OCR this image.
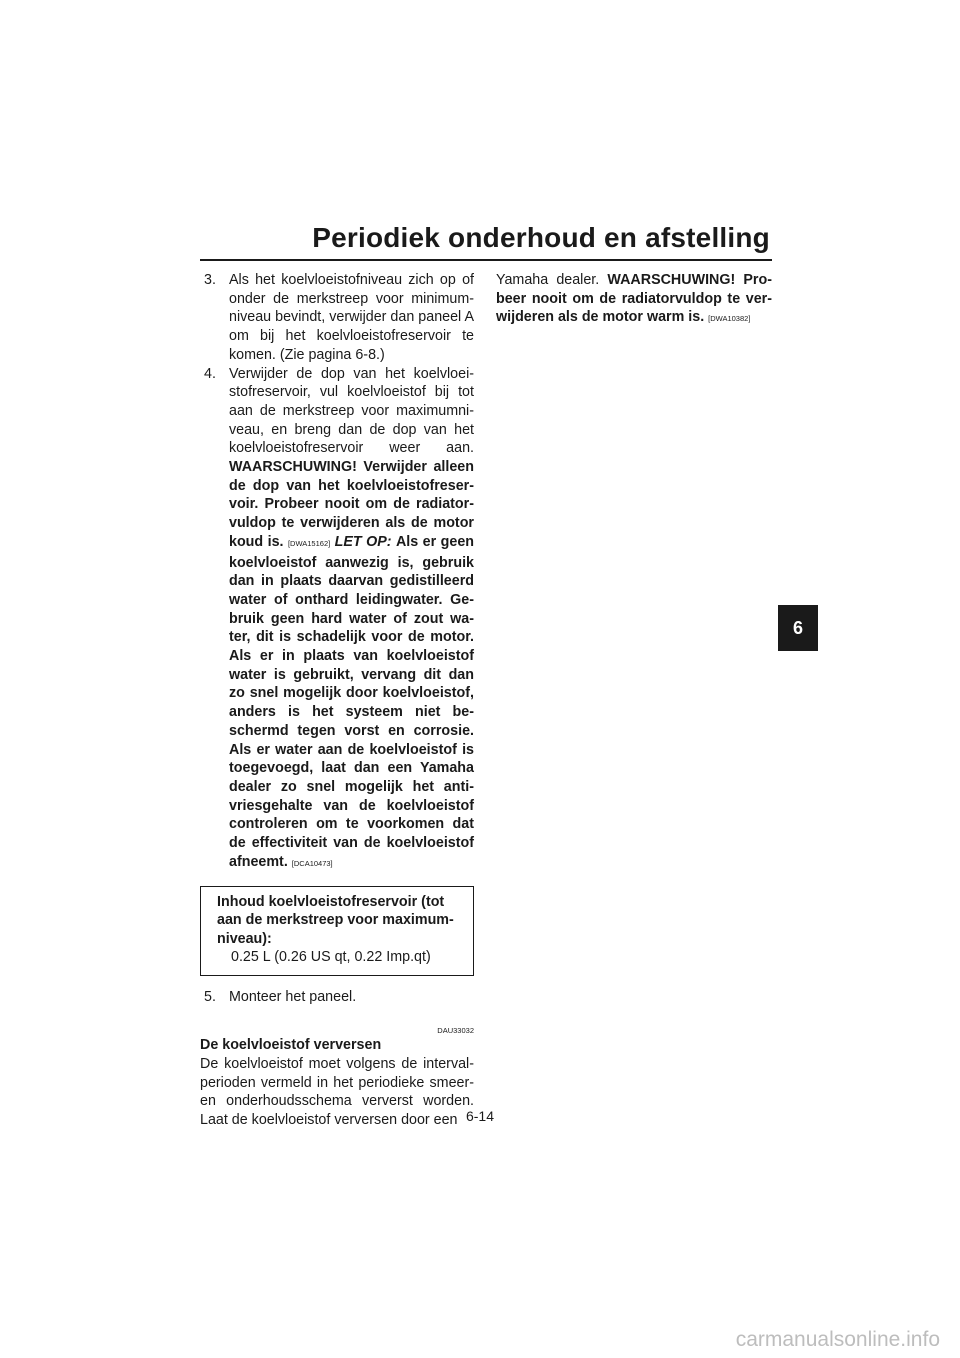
Periodiek onderhoud en afstelling
6

3. Als het koelvloeistofniveau zich op of onder de merkstreep voor minimum-niveau bevindt, verwijder dan paneel A om bij het koelvloeistofreservoir te komen. (Zie pagina 6-8.)

4. Verwijder de dop van het koelvloei-stofreservoir, vul koelvloeistof bij tot aan de merkstreep voor maximumni-veau, en breng dan de dop van het koelvloeistofreservoir weer aan. WAARSCHUWING! Verwijder alleen de dop van het koelvloeistofreser-voir. Probeer nooit om de radiator-vuldop te verwijderen als de motor koud is. [DWA15162] LET OP: Als er geen koelvloeistof aanwezig is, gebruik dan in plaats daarvan gedistilleerd water of onthard leidingwater. Ge-bruik geen hard water of zout wa-ter, dit is schadelijk voor de motor. Als er in plaats van koelvloeistof water is gebruikt, vervang dit dan zo snel mogelijk door koelvloeistof, anders is het systeem niet be-schermd tegen vorst en corrosie. Als er water aan de koelvloeistof is toegevoegd, laat dan een Yamaha dealer zo snel mogelijk het anti-vriesgehalte van de koelvloeistof controleren om te voorkomen dat de effectiviteit van de koelvloeistof afneemt. [DCA10473]

Inhoud koelvloeistofreservoir (tot aan de merkstreep voor maximum-niveau):
0.25 L (0.26 US qt, 0.22 Imp.qt)

5. Monteer het paneel.

DAU33032

De koelvloeistof verversen

De koelvloeistof moet volgens de interval-perioden vermeld in het periodieke smeer- en onderhoudsschema ververst worden. Laat de koelvloeistof verversen door een

Yamaha dealer. WAARSCHUWING! Pro-beer nooit om de radiatorvuldop te ver-wijderen als de motor warm is. [DWA10382]

6-14
carmanualsonline.info
